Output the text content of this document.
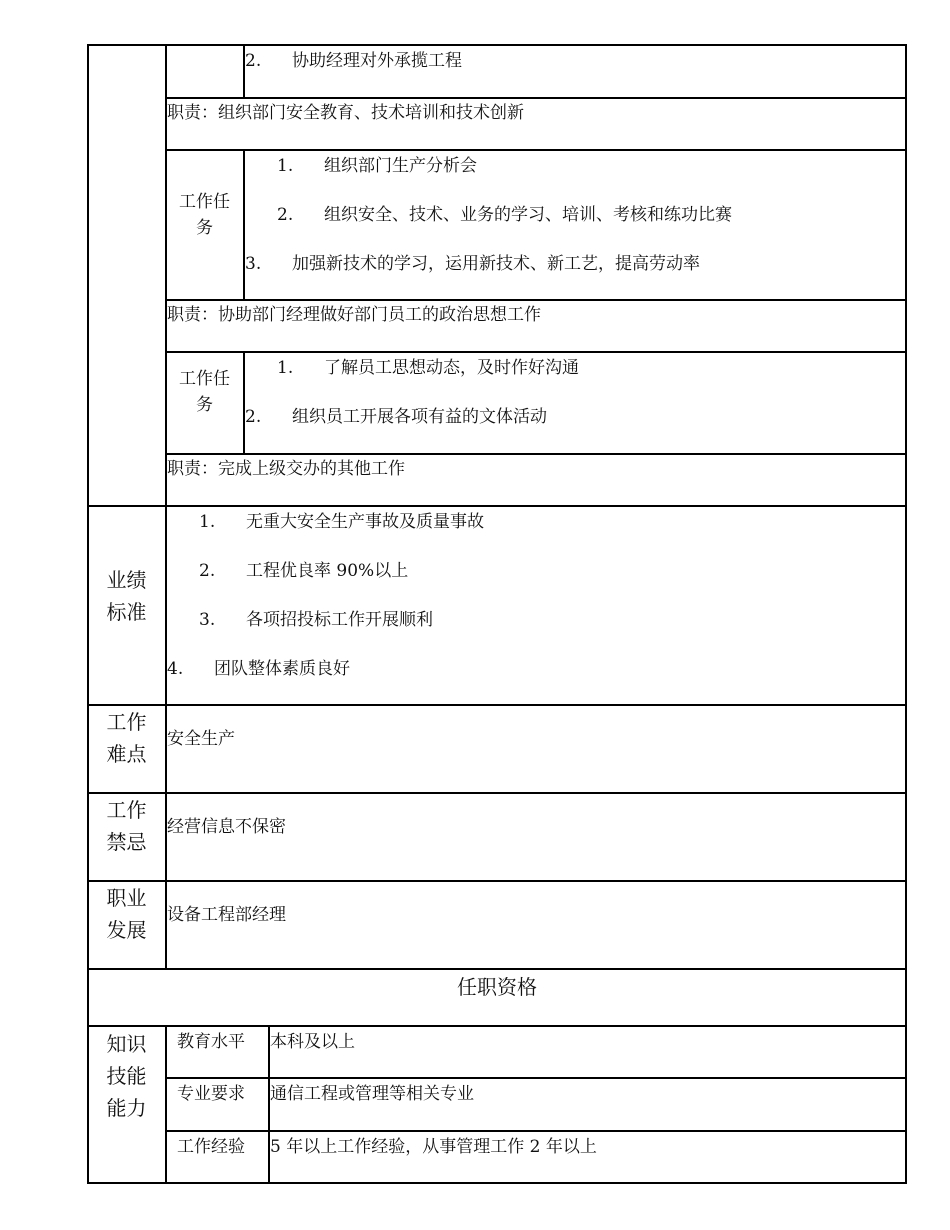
2. 协助经理对外承揽工程
职责：组织部门安全教育、技术培训和技术创新
工作任务
1. 组织部门生产分析会
2. 组织安全、技术、业务的学习、培训、考核和练功比赛
3. 加强新技术的学习，运用新技术、新工艺，提高劳动率
职责：协助部门经理做好部门员工的政治思想工作
工作任务
1. 了解员工思想动态，及时作好沟通
2. 组织员工开展各项有益的文体活动
职责：完成上级交办的其他工作
业绩
标准
1. 无重大安全生产事故及质量事故
2. 工程优良率 90%以上
3. 各项招投标工作开展顺利
4. 团队整体素质良好
工作
难点
安全生产
工作
禁忌
经营信息不保密
职业
发展
设备工程部经理
任职资格
知识
技能
能力
教育水平 本科及以上
专业要求 通信工程或管理等相关专业
工作经验 5 年以上工作经验，从事管理工作 2 年以上
